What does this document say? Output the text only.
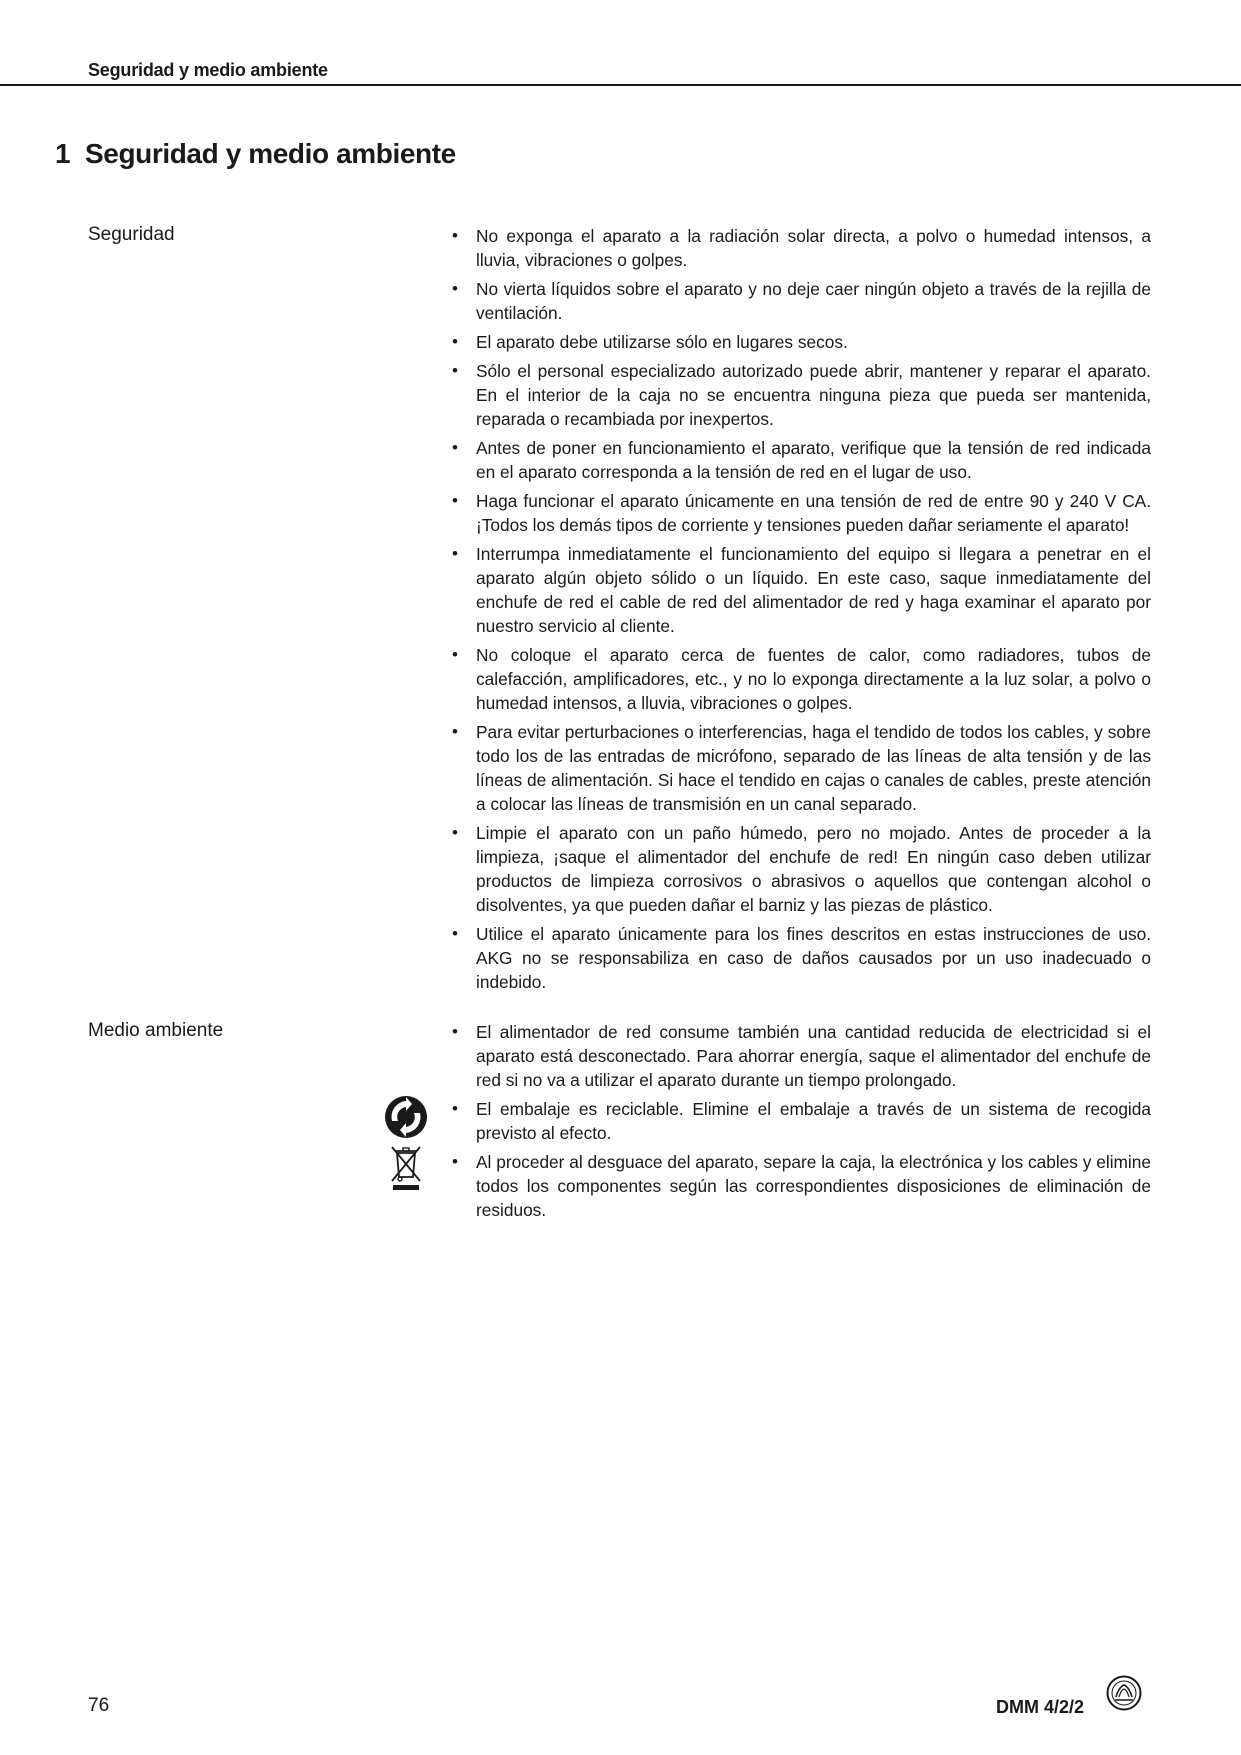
Seguridad y medio ambiente
1 Seguridad y medio ambiente
Seguridad	• No exponga el aparato a la radiación solar directa, a polvo o humedad intensos, a lluvia, vibraciones o golpes.
• No vierta líquidos sobre el aparato y no deje caer ningún objeto a través de la rejilla de ventilación.
• El aparato debe utilizarse sólo en lugares secos.
• Sólo el personal especializado autorizado puede abrir, mantener y reparar el aparato. En el interior de la caja no se encuentra ninguna pieza que pueda ser mantenida, reparada o recambiada por inexpertos.
• Antes de poner en funcionamiento el aparato, verifique que la tensión de red indicada en el aparato corresponda a la tensión de red en el lugar de uso.
• Haga funcionar el aparato únicamente en una tensión de red de entre 90 y 240 V CA. ¡Todos los demás tipos de corriente y tensiones pueden dañar seriamente el aparato!
• Interrumpa inmediatamente el funcionamiento del equipo si llegara a penetrar en el aparato algún objeto sólido o un líquido. En este caso, saque inmediatamente del enchufe de red el cable de red del alimentador de red y haga examinar el aparato por nuestro servicio al cliente.
• No coloque el aparato cerca de fuentes de calor, como radiadores, tubos de calefacción, amplificadores, etc., y no lo exponga directamente a la luz solar, a polvo o humedad intensos, a lluvia, vibraciones o golpes.
• Para evitar perturbaciones o interferencias, haga el tendido de todos los cables, y sobre todo los de las entradas de micrófono, separado de las líneas de alta tensión y de las líneas de alimentación. Si hace el tendido en cajas o canales de cables, preste atención a colocar las líneas de transmisión en un canal separado.
• Limpie el aparato con un paño húmedo, pero no mojado. Antes de proceder a la limpieza, ¡saque el alimentador del enchufe de red! En ningún caso deben utilizar productos de limpieza corrosivos o abrasivos o aquellos que contengan alcohol o disolventes, ya que pueden dañar el barniz y las piezas de plástico.
• Utilice el aparato únicamente para los fines descritos en estas instrucciones de uso. AKG no se responsabiliza en caso de daños causados por un uso inadecuado o indebido.
Medio ambiente	• El alimentador de red consume también una cantidad reducida de electricidad si el aparato está desconectado. Para ahorrar energía, saque el alimentador del enchufe de red si no va a utilizar el aparato durante un tiempo prolongado.
• El embalaje es reciclable. Elimine el embalaje a través de un sistema de recogida previsto al efecto.
• Al proceder al desguace del aparato, separe la caja, la electrónica y los cables y elimine todos los componentes según las correspondientes disposiciones de eliminación de residuos.
76	DMM 4/2/2
